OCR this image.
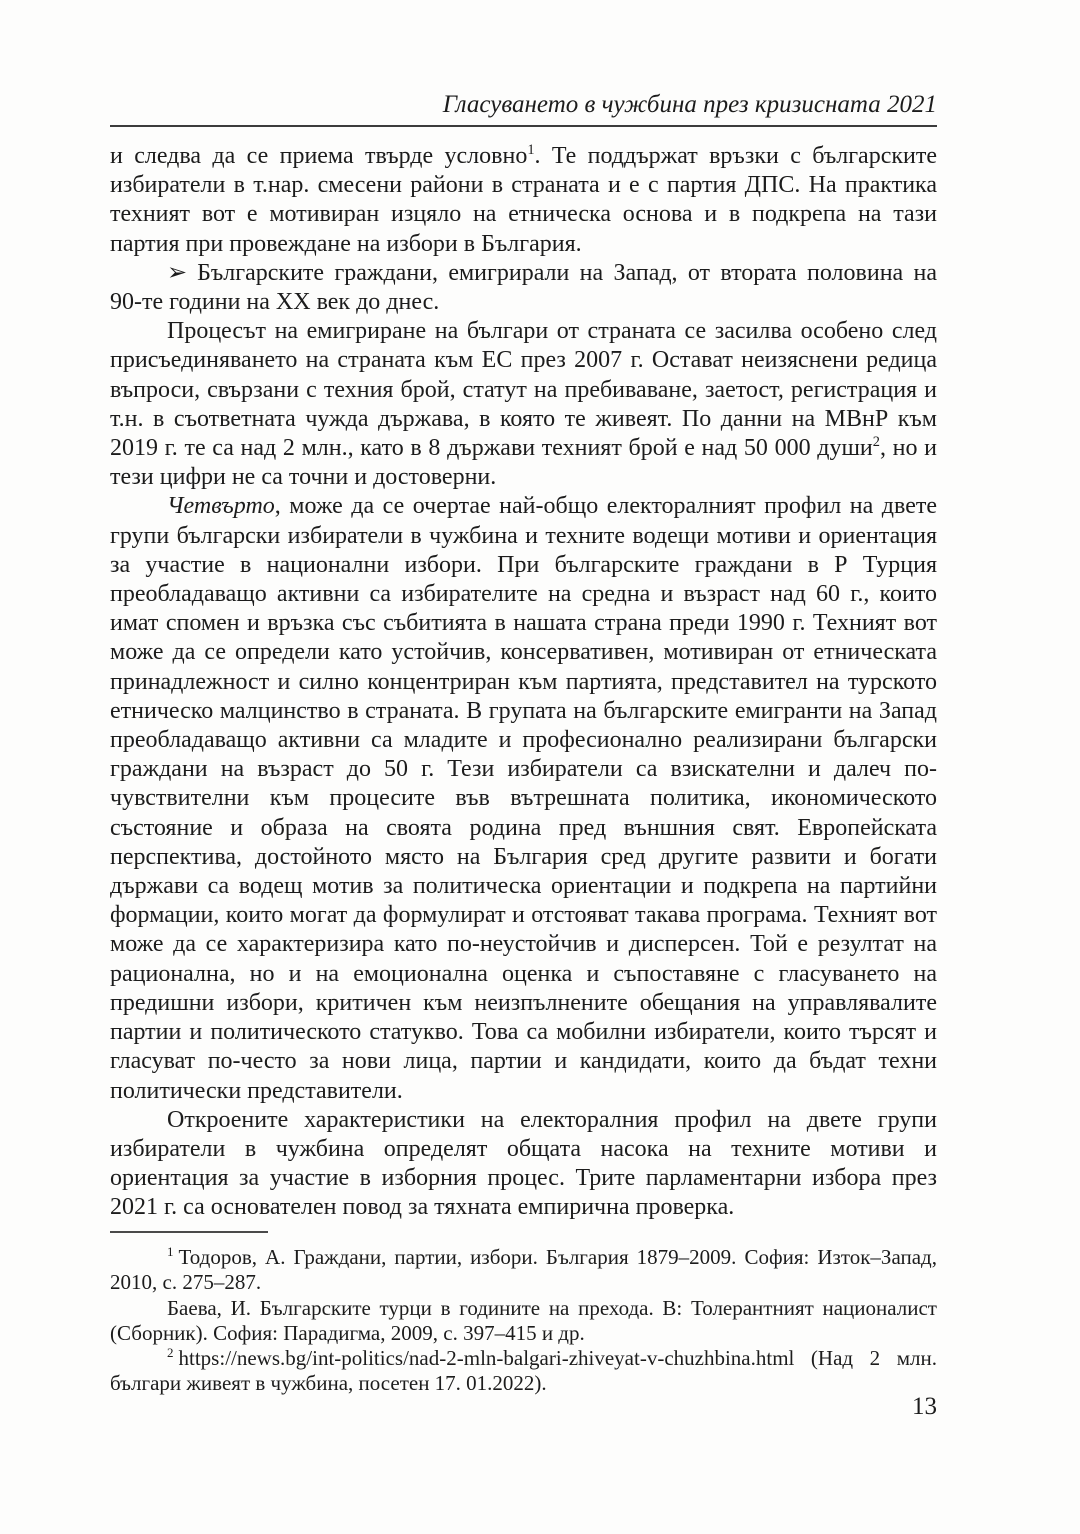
Гласуването в чужбина през кризисната 2021

и следва да се приема твърде условно$^1$. Те поддържат връзки с българските избиратели в т.нар. смесени райони в страната и е с партия ДПС. На практика техният вот е мотивиран изцяло на етническа основа и в подкрепа на тази партия при провеждане на избори в България.

➢ Българските граждани, емигрирали на Запад, от втората половина на 90-те години на ХХ век до днес.

Процесът на емигриране на българи от страната се засилва особено след присъединяването на страната към ЕС през 2007 г. Остават неизяснени редица въпроси, свързани с техния брой, статут на пребиваване, заетост, регистрация и т.н. в съответната чужда държава, в която те живеят. По данни на МВнР към 2019 г. те са над 2 млн., като в 8 държави техният брой е над 50 000 души$^2$, но и тези цифри не са точни и достоверни.

Четвърто, може да се очертае най-общо електоралният профил на двете групи български избиратели в чужбина и техните водещи мотиви и ориентация за участие в национални избори. При българските граждани в Р Турция преобладаващо активни са избирателите на средна и възраст над 60 г., които имат спомен и връзка със събитията в нашата страна преди 1990 г. Техният вот може да се определи като устойчив, консервативен, мотивиран от етническата принадлежност и силно концентриран към партията, представител на турското етническо малцинство в страната. В групата на българските емигранти на Запад преобладаващо активни са младите и професионално реализирани български граждани на възраст до 50 г. Тези избиратели са взискателни и далеч по-чувствителни към процесите във вътрешната политика, икономическото състояние и образа на своята родина пред външния свят. Европейската перспектива, достойното място на България сред другите развити и богати държави са водещ мотив за политическа ориентации и подкрепа на партийни формации, които могат да формулират и отстояват такава програма. Техният вот може да се характеризира като по-неустойчив и дисперсен. Той е резултат на рационална, но и на емоционална оценка и съпоставяне с гласуването на предишни избори, критичен към неизпълнените обещания на управлявалите партии и политическото статукво. Това са мобилни избиратели, които търсят и гласуват по-често за нови лица, партии и кандидати, които да бъдат техни политически представители.

Откроените характеристики на електоралния профил на двете групи избиратели в чужбина определят общата насока на техните мотиви и ориентация за участие в изборния процес. Трите парламентарни избора през 2021 г. са основателен повод за тяхната емпирична проверка.

$^1$ Тодоров, А. Граждани, партии, избори. България 1879–2009. София: Изток–Запад, 2010, с. 275–287.

Баева, И. Българските турци в годините на прехода. В: Толерантният националист (Сборник). София: Парадигма, 2009, с. 397–415 и др.

$^2$ https://news.bg/int-politics/nad-2-mln-balgari-zhiveyat-v-chuzhbina.html (Над 2 млн. българи живеят в чужбина, посетен 17. 01.2022).

13
